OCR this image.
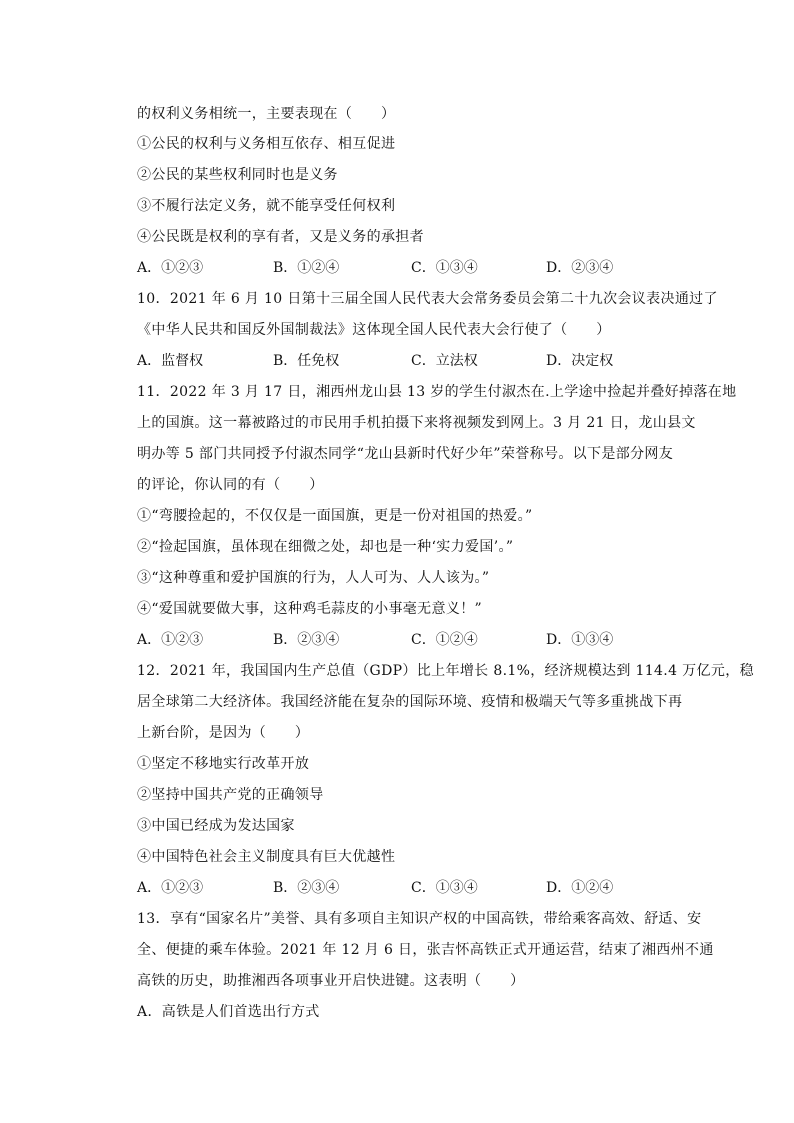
的权利义务相统一，主要表现在（　　）
①公民的权利与义务相互依存、相互促进
②公民的某些权利同时也是义务
③不履行法定义务，就不能享受任何权利
④公民既是权利的享有者，又是义务的承担者
A．①②③	B．①②④	C．①③④	D．②③④
10．2021 年 6 月 10 日第十三届全国人民代表大会常务委员会第二十九次会议表决通过了
《中华人民共和国反外国制裁法》这体现全国人民代表大会行使了（　　）
A．监督权	B．任免权	C．立法权	D．决定权
11．2022 年 3 月 17 日，湘西州龙山县 13 岁的学生付淑杰在.上学途中捡起并叠好掉落在地
上的国旗。这一幕被路过的市民用手机拍摄下来将视频发到网上。3 月 21 日，龙山县文
明办等 5 部门共同授予付淑杰同学“龙山县新时代好少年”荣誉称号。以下是部分网友
的评论，你认同的有（　　）
①“弯腰捡起的，不仅仅是一面国旗，更是一份对祖国的热爱。”
②“捡起国旗，虽体现在细微之处，却也是一种‘实力爱国’。”
③“这种尊重和爱护国旗的行为，人人可为、人人该为。”
④“爱国就要做大事，这种鸡毛蒜皮的小事毫无意义！”
A．①②③	B．②③④	C．①②④	D．①③④
12．2021 年，我国国内生产总值（GDP）比上年增长 8.1%，经济规模达到 114.4 万亿元，稳
居全球第二大经济体。我国经济能在复杂的国际环境、疫情和极端天气等多重挑战下再
上新台阶，是因为（　　）
①坚定不移地实行改革开放
②坚持中国共产党的正确领导
③中国已经成为发达国家
④中国特色社会主义制度具有巨大优越性
A．①②③	B．②③④	C．①③④	D．①②④
13．享有“国家名片”美誉、具有多项自主知识产权的中国高铁，带给乘客高效、舒适、安
全、便捷的乘车体验。2021 年 12 月 6 日，张吉怀高铁正式开通运营，结束了湘西州不通
高铁的历史，助推湘西各项事业开启快进键。这表明（　　）
A．高铁是人们首选出行方式
